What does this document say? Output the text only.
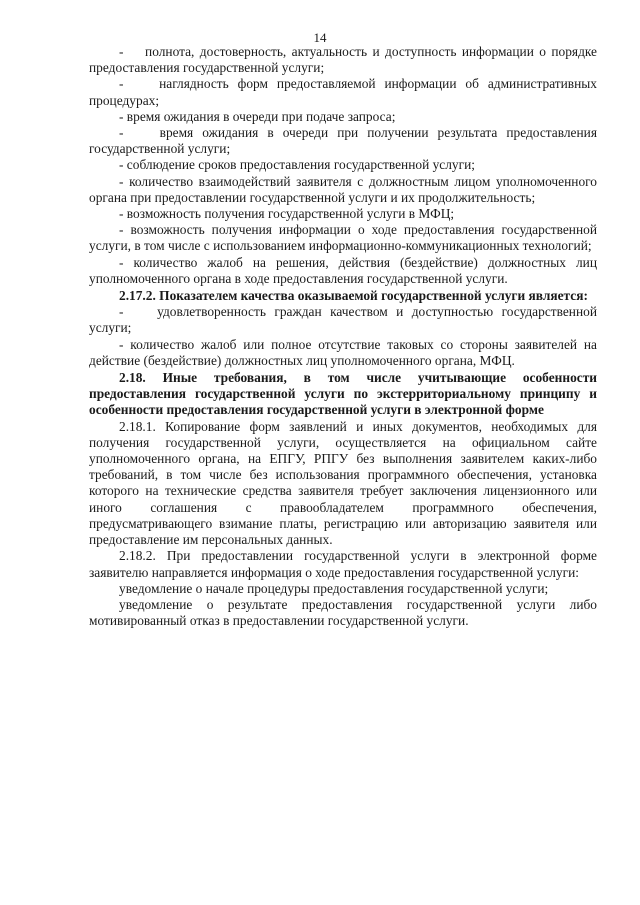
14

-    полнота, достоверность, актуальность и доступность информации о порядке предоставления государственной услуги;

-    наглядность форм предоставляемой информации об административных процедурах;

- время ожидания в очереди при подаче запроса;

-    время ожидания в очереди при получении результата предоставления государственной услуги;

- соблюдение сроков предоставления государственной услуги;

- количество взаимодействий заявителя с должностным лицом уполномоченного органа при предоставлении государственной услуги и их продолжительность;

- возможность получения государственной услуги в МФЦ;

- возможность получения информации о ходе предоставления государственной услуги, в том числе с использованием информационно-коммуникационных технологий;

- количество жалоб на решения, действия (бездействие) должностных лиц уполномоченного органа в ходе предоставления государственной услуги.

2.17.2. Показателем качества оказываемой государственной услуги является:

-    удовлетворенность граждан качеством и доступностью государственной услуги;

- количество жалоб или полное отсутствие таковых со стороны заявителей на действие (бездействие) должностных лиц уполномоченного органа, МФЦ.

2.18. Иные требования, в том числе учитывающие особенности предоставления государственной услуги по экстерриториальному принципу и особенности предоставления государственной услуги в электронной форме

2.18.1. Копирование форм заявлений и иных документов, необходимых для получения государственной услуги, осуществляется на официальном сайте уполномоченного органа, на ЕПГУ, РПГУ без выполнения заявителем каких-либо требований, в том числе без использования программного обеспечения, установка которого на технические средства заявителя требует заключения лицензионного или иного соглашения с правообладателем программного обеспечения, предусматривающего взимание платы, регистрацию или авторизацию заявителя или предоставление им персональных данных.

2.18.2. При предоставлении государственной услуги в электронной форме заявителю направляется информация о ходе предоставления государственной услуги:

уведомление о начале процедуры предоставления государственной услуги;

уведомление о результате предоставления государственной услуги либо мотивированный отказ в предоставлении государственной услуги.
